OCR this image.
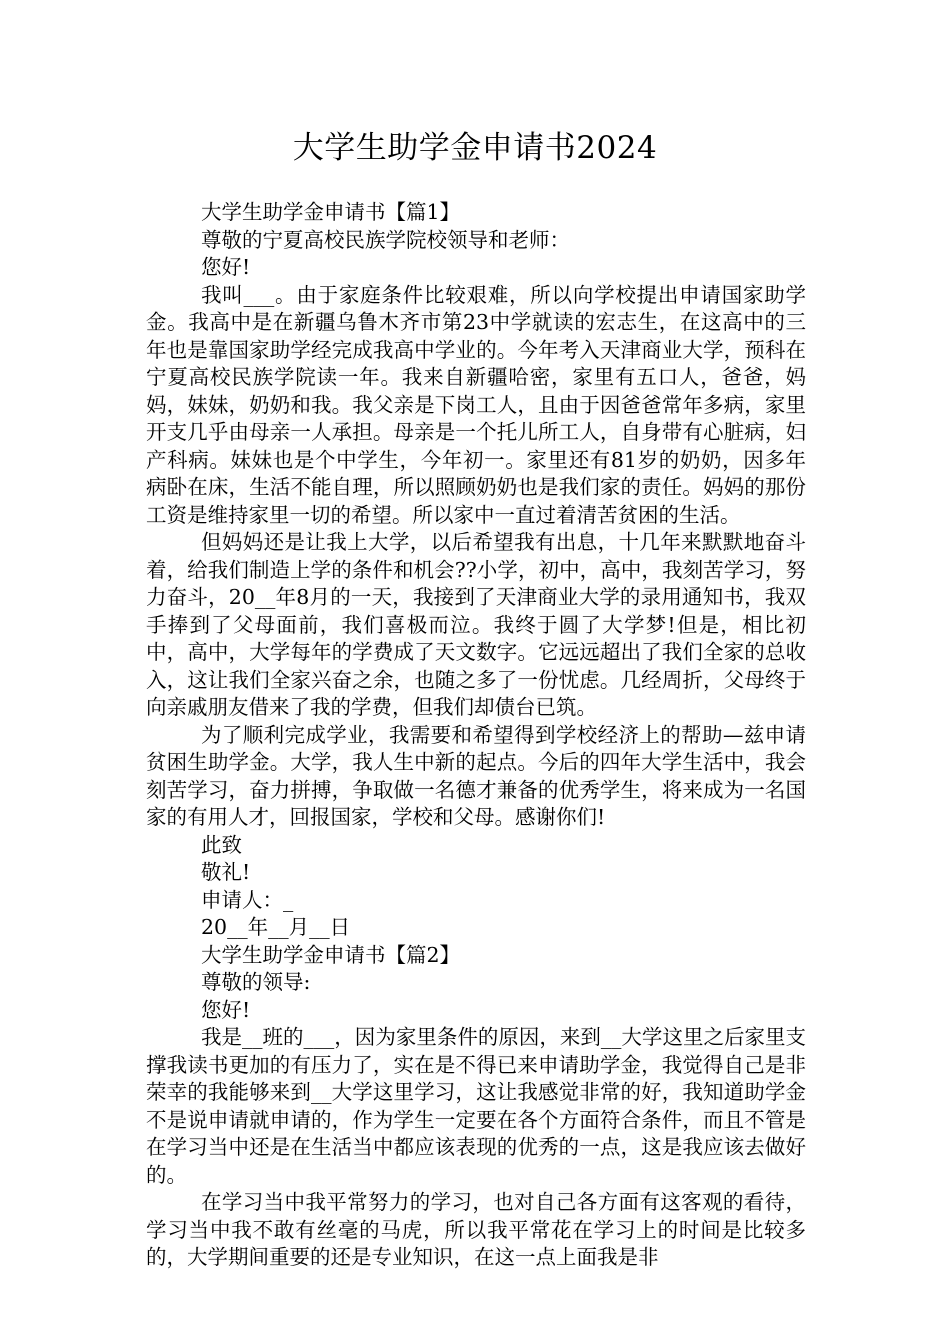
大学生助学金申请书2024
大学生助学金申请书【篇1】
尊敬的宁夏高校民族学院校领导和老师：
您好!

我叫___。由于家庭条件比较艰难，所以向学校提出申请国家助学金。我高中是在新疆乌鲁木齐市第23中学就读的宏志生，在这高中的三年也是靠国家助学经完成我高中学业的。今年考入天津商业大学，预科在宁夏高校民族学院读一年。我来自新疆哈密，家里有五口人，爸爸，妈妈，妹妹，奶奶和我。我父亲是下岗工人，且由于因爸爸常年多病，家里开支几乎由母亲一人承担。母亲是一个托儿所工人，自身带有心脏病，妇产科病。妹妹也是个中学生，今年初一。家里还有81岁的奶奶，因多年病卧在床，生活不能自理，所以照顾奶奶也是我们家的责任。妈妈的那份工资是维持家里一切的希望。所以家中一直过着清苦贫困的生活。

但妈妈还是让我上大学，以后希望我有出息，十几年来默默地奋斗着，给我们制造上学的条件和机会??小学，初中，高中，我刻苦学习，努力奋斗，20__年8月的一天，我接到了天津商业大学的录用通知书，我双手捧到了父母面前，我们喜极而泣。我终于圆了大学梦!但是，相比初中，高中，大学每年的学费成了天文数字。它远远超出了我们全家的总收入，这让我们全家兴奋之余，也随之多了一份忧虑。几经周折，父母终于向亲戚朋友借来了我的学费，但我们却债台已筑。

为了顺利完成学业，我需要和希望得到学校经济上的帮助—兹申请贫困生助学金。大学，我人生中新的起点。今后的四年大学生活中，我会刻苦学习，奋力拼搏，争取做一名德才兼备的优秀学生，将来成为一名国家的有用人才，回报国家，学校和父母。感谢你们!

此致
敬礼!
申请人：_
20__年__月__日
大学生助学金申请书【篇2】
尊敬的领导:
您好!

我是__班的___，因为家里条件的原因，来到__大学这里之后家里支撑我读书更加的有压力了，实在是不得已来申请助学金，我觉得自己是非荣幸的我能够来到__大学这里学习，这让我感觉非常的好，我知道助学金不是说申请就申请的，作为学生一定要在各个方面符合条件，而且不管是在学习当中还是在生活当中都应该表现的优秀的一点，这是我应该去做好的。

在学习当中我平常努力的学习，也对自己各方面有这客观的看待，学习当中我不敢有丝毫的马虎，所以我平常花在学习上的时间是比较多的，大学期间重要的还是专业知识，在这一点上面我是非
